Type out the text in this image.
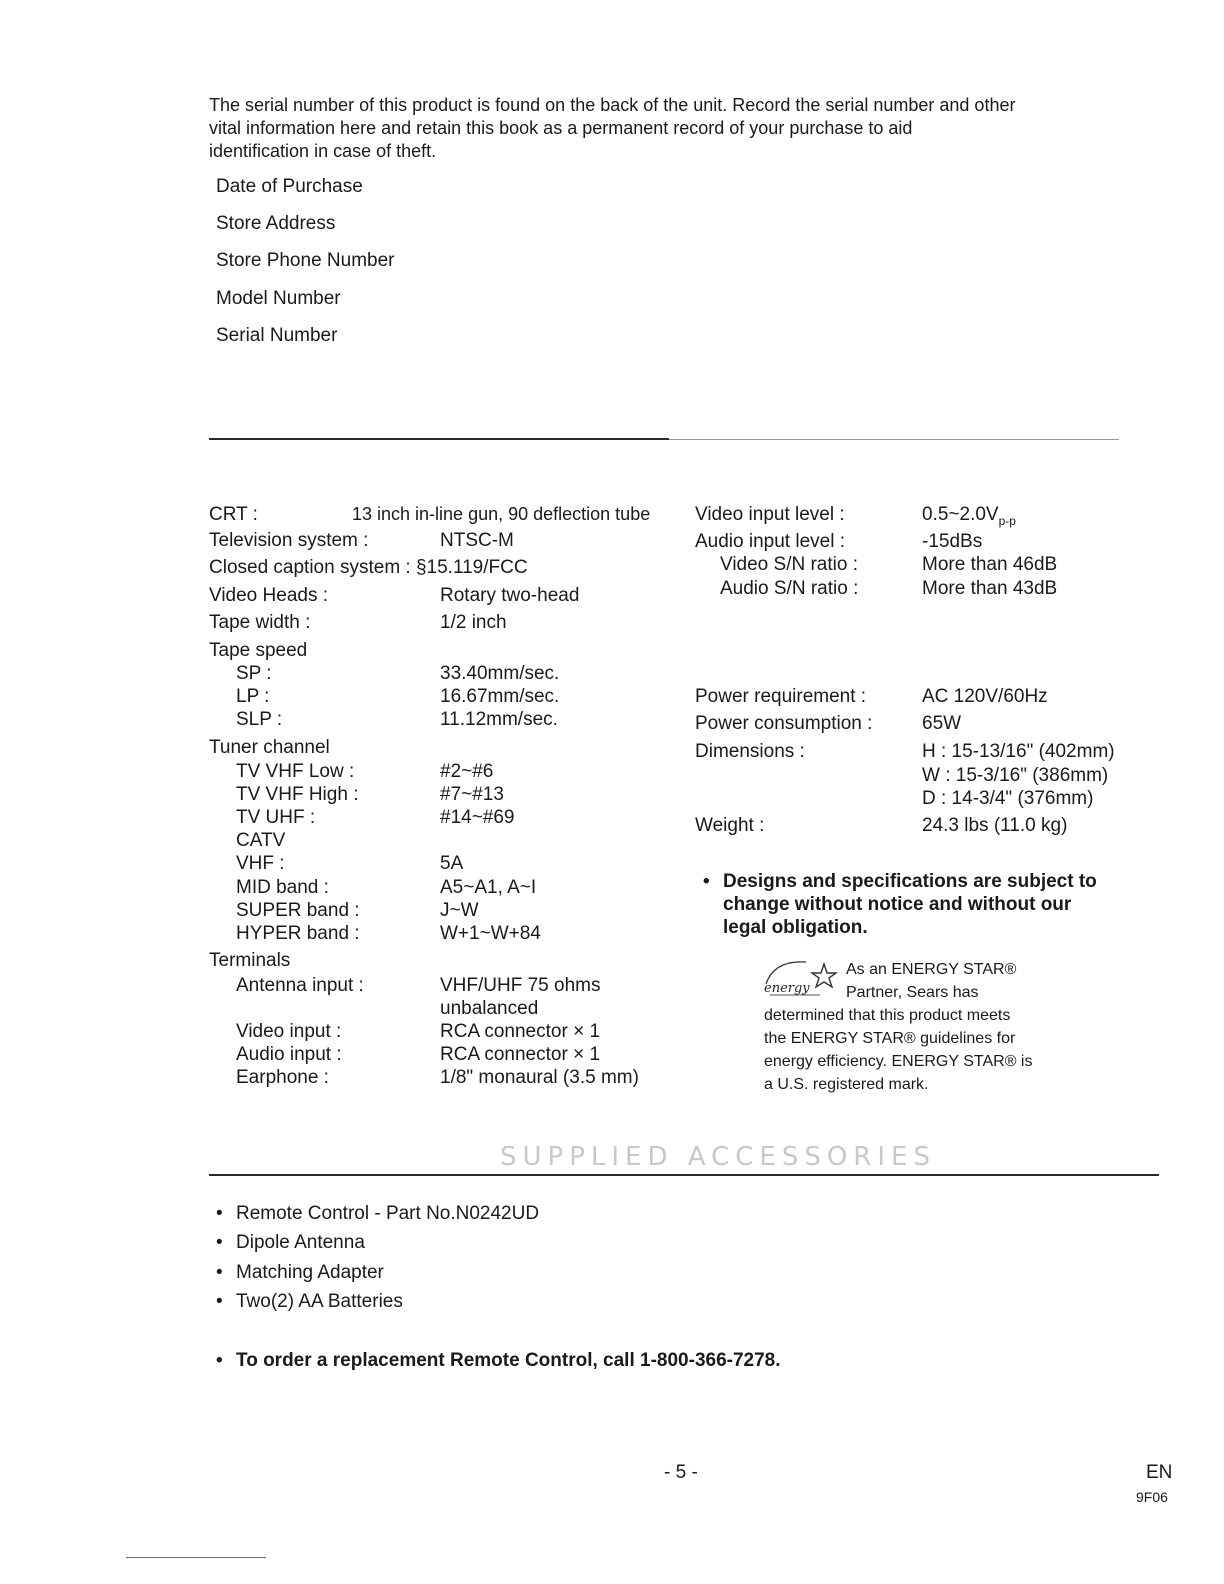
The serial number of this product is found on the back of the unit. Record the serial number and other

vital information here and retain this book as a permanent record of your purchase to aid

identification in case of theft.

Date of Purchase
Store Address
Store Phone Number
Model Number
Serial Number
CRT :	13 inch in-line gun, 90 deflection tube
Television system :	NTSC-M
Closed caption system : §15.119/FCC
Video Heads :	Rotary two-head
Tape width :	1/2 inch
Tape speed
SP :	33.40mm/sec.
LP :	16.67mm/sec.
SLP :	11.12mm/sec.
Tuner channel
TV VHF Low :	#2~#6
TV VHF High :	#7~#13
TV UHF :	#14~#69
CATV
VHF :	5A
MID band :	A5~A1, A~I
SUPER band :	J~W
HYPER band :	W+1~W+84
Terminals
Antenna input :	VHF/UHF 75 ohms
unbalanced
Video input :	RCA connector × 1
Audio input :	RCA connector × 1
Earphone :	1/8" monaural (3.5 mm)
Video input level :	$0.5\sim 2.0V_{p-p}$
Audio input level :	-15dBs
Video S/N ratio :	More than 46dB
Audio S/N ratio :	More than 43dB
Power requirement :	AC 120V/60Hz
Power consumption :	65W
Dimensions :	H : 15-13/16" (402mm)
W : 15-3/16" (386mm)
D : 14-3/4" (376mm)
Weight :	24.3 lbs (11.0 kg)
• Designs and specifications are subject to
change without notice and without our
legal obligation.
energy
As an ENERGY STAR®
Partner, Sears has
determined that this product meets
the ENERGY STAR® guidelines for
energy efficiency. ENERGY STAR® is
a U.S. registered mark.
SUPPLIED ACCESSORIES
• Remote Control - Part No.N0242UD
• Dipole Antenna
• Matching Adapter
• Two(2) AA Batteries
• To order a replacement Remote Control, call 1-800-366-7278.
- 5 -	EN
9F06
